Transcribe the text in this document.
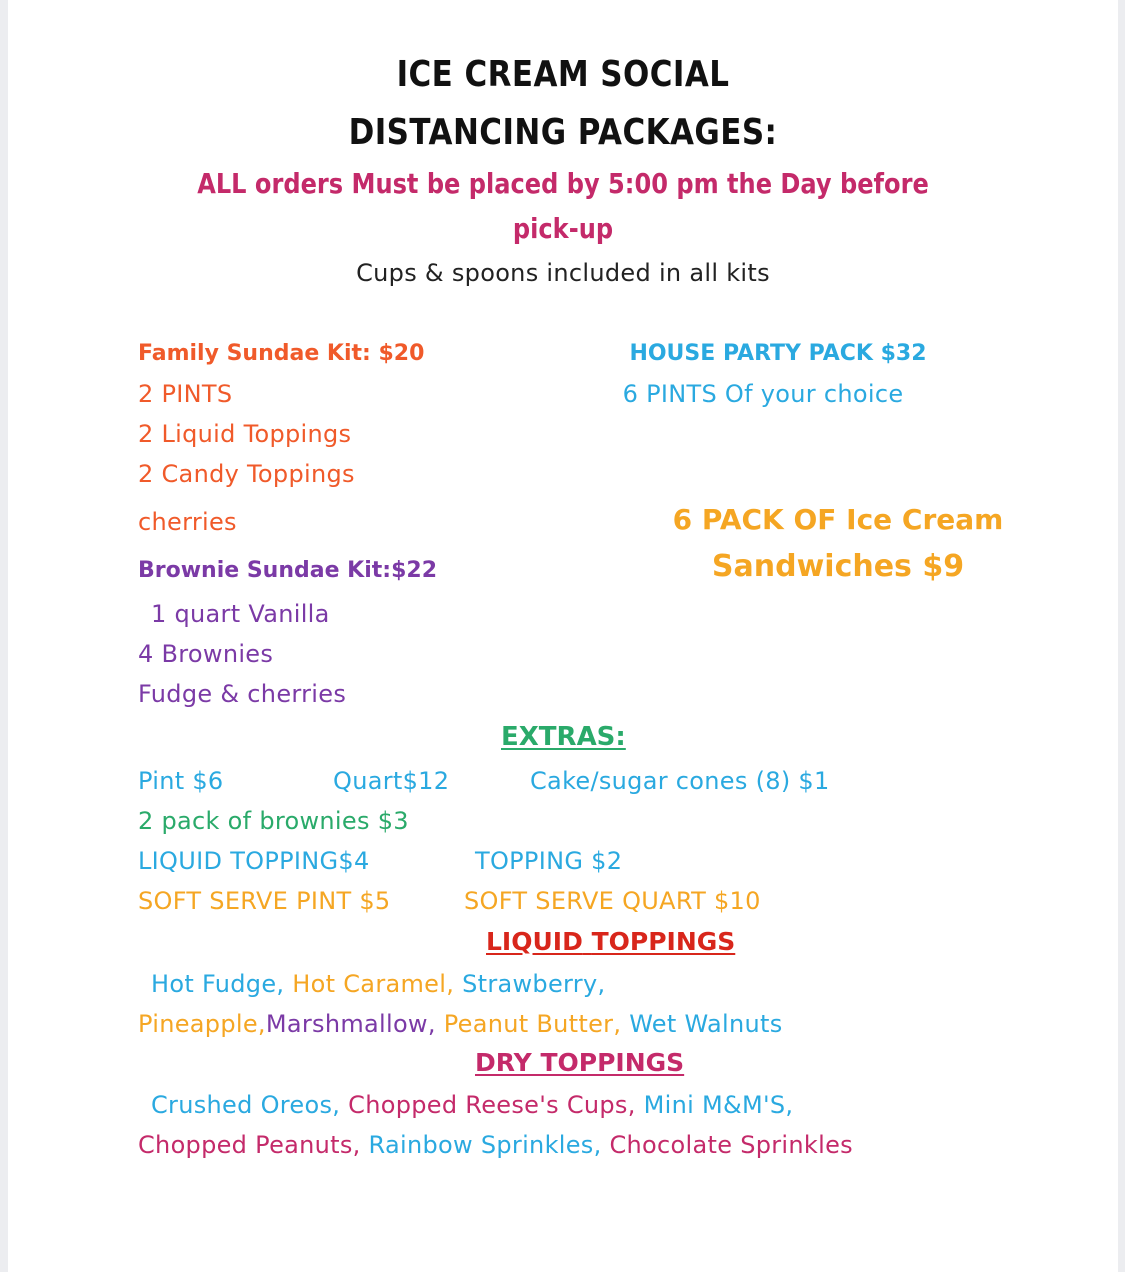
ICE CREAM SOCIAL
DISTANCING PACKAGES:
ALL orders Must be placed by 5:00 pm the Day before
pick-up
Cups & spoons included in all kits
Family Sundae Kit: $20
2 PINTS
2 Liquid Toppings
2 Candy Toppings
cherries
HOUSE PARTY PACK $32
6 PINTS Of your choice
6 PACK OF Ice Cream
Sandwiches $9
Brownie Sundae Kit:$22
1 quart Vanilla
4 Brownies
Fudge & cherries
EXTRAS:
Pint $6	Quart$12	Cake/sugar cones (8) $1
2 pack of brownies $3
LIQUID TOPPING$4	TOPPING $2
SOFT SERVE PINT $5	SOFT SERVE QUART $10
LIQUID TOPPINGS
Hot Fudge, Hot Caramel, Strawberry,
Pineapple,Marshmallow, Peanut Butter, Wet Walnuts
DRY TOPPINGS
Crushed Oreos, Chopped Reese's Cups, Mini M&M'S,
Chopped Peanuts, Rainbow Sprinkles, Chocolate Sprinkles
